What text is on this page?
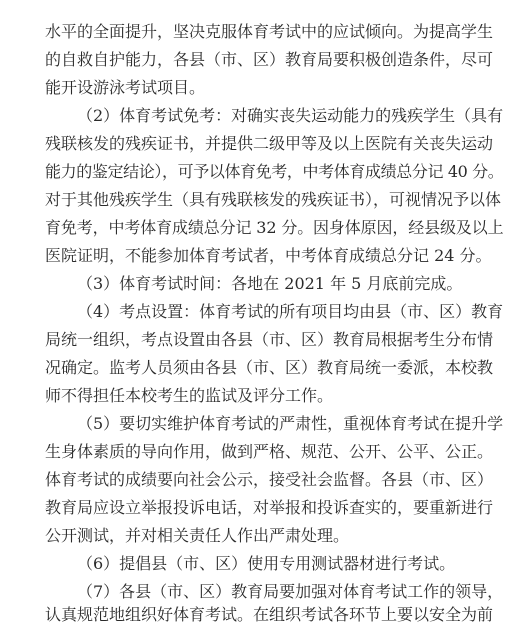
水平的全面提升，坚决克服体育考试中的应试倾向。为提高学生

的自救自护能力，各县（市、区）教育局要积极创造条件，尽可

能开设游泳考试项目。

（2）体育考试免考：对确实丧失运动能力的残疾学生（具有

残联核发的残疾证书，并提供二级甲等及以上医院有关丧失运动

能力的鉴定结论），可予以体育免考，中考体育成绩总分记 40 分。

对于其他残疾学生（具有残联核发的残疾证书），可视情况予以体

育免考，中考体育成绩总分记 32 分。因身体原因，经县级及以上

医院证明，不能参加体育考试者，中考体育成绩总分记 24 分。

（3）体育考试时间：各地在 2021 年 5 月底前完成。

（4）考点设置：体育考试的所有项目均由县（市、区）教育

局统一组织，考点设置由各县（市、区）教育局根据考生分布情

况确定。监考人员须由各县（市、区）教育局统一委派，本校教

师不得担任本校考生的监试及评分工作。

（5）要切实维护体育考试的严肃性，重视体育考试在提升学

生身体素质的导向作用，做到严格、规范、公开、公平、公正。

体育考试的成绩要向社会公示，接受社会监督。各县（市、区）

教育局应设立举报投诉电话，对举报和投诉查实的，要重新进行

公开测试，并对相关责任人作出严肃处理。

（6）提倡县（市、区）使用专用测试器材进行考试。

（7）各县（市、区）教育局要加强对体育考试工作的领导，

认真规范地组织好体育考试。在组织考试各环节上要以安全为前
